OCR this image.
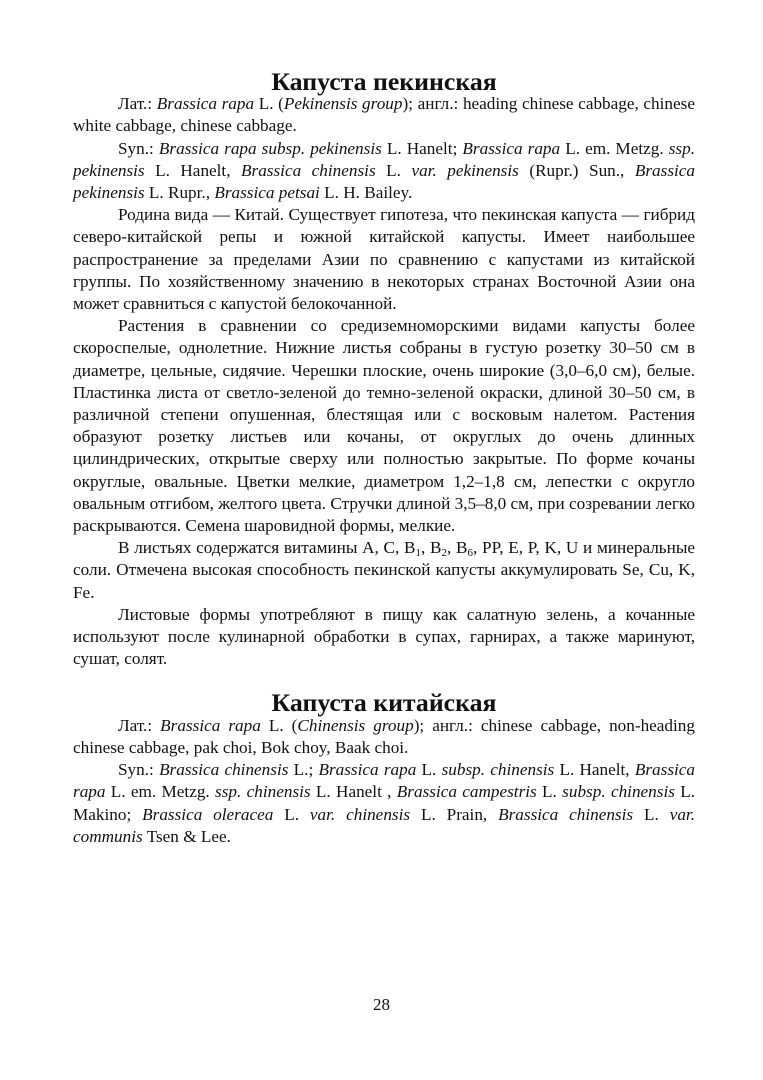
Капуста пекинская

Лат.: Brassica rapa L. (Pekinensis group); англ.: heading chinese cabbage, chinese white cabbage, chinese cabbage.

Syn.: Brassica rapa subsp. pekinensis L. Hanelt; Brassica rapa L. em. Metzg. ssp. pekinensis L. Hanelt, Brassica chinensis L. var. pekinensis (Rupr.) Sun., Brassica pekinensis L. Rupr., Brassica petsai L. H. Bailey.

Родина вида — Китай. Существует гипотеза, что пекинская капуста — гибрид северо-китайской репы и южной китайской капусты. Имеет наибольшее распространение за пределами Азии по сравнению с капустами из китайской группы. По хозяйственному значению в некоторых странах Восточной Азии она может сравниться с капустой белокочанной.

Растения в сравнении со средиземноморскими видами капусты более скороспелые, однолетние. Нижние листья собраны в густую розетку 30–50 см в диаметре, цельные, сидячие. Черешки плоские, очень широкие (3,0–6,0 см), белые. Пластинка листа от светло-зеленой до темно-зеленой окраски, длиной 30–50 см, в различной степени опушенная, блестящая или с восковым налетом. Растения образуют розетку листьев или кочаны, от округлых до очень длинных цилиндрических, открытые сверху или полностью закрытые. По форме кочаны округлые, овальные. Цветки мелкие, диаметром 1,2–1,8 см, лепестки с округло овальным отгибом, желтого цвета. Стручки длиной 3,5–8,0 см, при созревании легко раскрываются. Семена шаровидной формы, мелкие.

В листьях содержатся витамины A, C, $B_1$, $B_2$, $B_6$, PP, E, P, K, U и минеральные соли. Отмечена высокая способность пекинской капусты аккумулировать Se, Cu, K, Fe.

Листовые формы употребляют в пищу как салатную зелень, а кочанные используют после кулинарной обработки в супах, гарнирах, а также маринуют, сушат, солят.

Капуста китайская

Лат.: Brassica rapa L. (Chinensis group); англ.: chinese cabbage, non-heading chinese cabbage, pak choi, Bok choy, Baak choi.

Syn.: Brassica chinensis L.; Brassica rapa L. subsp. chinensis L. Hanelt, Brassica rapa L. em. Metzg. ssp. chinensis L. Hanelt , Brassica campestris L. subsp. chinensis L. Makino; Brassica oleracea L. var. chinensis L. Prain, Brassica chinensis L. var. communis Tsen & Lee.

28
